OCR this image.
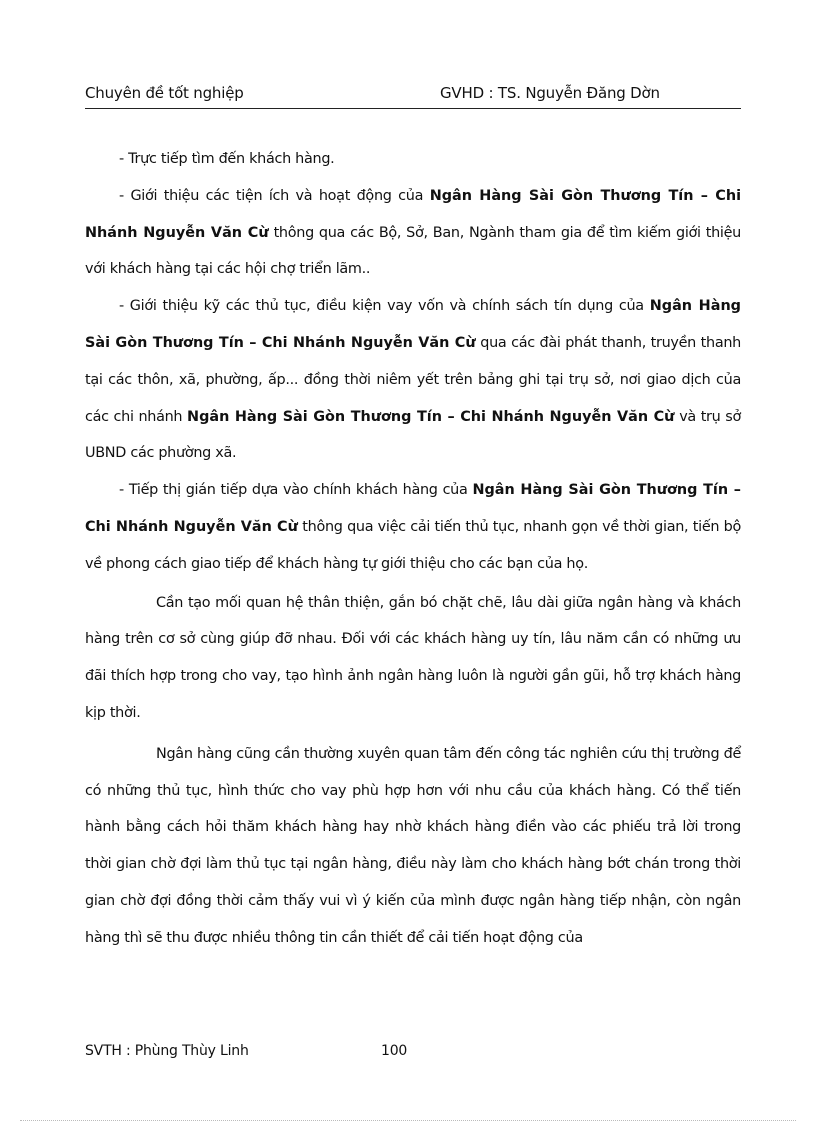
Chuyên đề tốt nghiệp	GVHD : TS. Nguyễn Đăng Dờn

- Trực tiếp tìm đến khách hàng.

- Giới thiệu các tiện ích và hoạt động của Ngân Hàng Sài Gòn Thương Tín – Chi Nhánh Nguyễn Văn Cừ thông qua các Bộ, Sở, Ban, Ngành tham gia để tìm kiếm giới thiệu với khách hàng tại các hội chợ triển lãm..

- Giới thiệu kỹ các thủ tục, điều kiện vay vốn và chính sách tín dụng của Ngân Hàng Sài Gòn Thương Tín – Chi Nhánh Nguyễn Văn Cừ qua các đài phát thanh, truyền thanh tại các thôn, xã, phường, ấp... đồng thời niêm yết trên bảng ghi tại trụ sở, nơi giao dịch của các chi nhánh Ngân Hàng Sài Gòn Thương Tín – Chi Nhánh Nguyễn Văn Cừ và trụ sở UBND các phường xã.

- Tiếp thị gián tiếp dựa vào chính khách hàng của Ngân Hàng Sài Gòn Thương Tín – Chi Nhánh Nguyễn Văn Cừ thông qua việc cải tiến thủ tục, nhanh gọn về thời gian, tiến bộ về phong cách giao tiếp để khách hàng tự giới thiệu cho các bạn của họ.

Cần tạo mối quan hệ thân thiện, gắn bó chặt chẽ, lâu dài giữa ngân hàng và khách hàng trên cơ sở cùng giúp đỡ nhau. Đối với các khách hàng uy tín, lâu năm cần có những ưu đãi thích hợp trong cho vay, tạo hình ảnh ngân hàng luôn là người gần gũi, hỗ trợ khách hàng kịp thời.

Ngân hàng cũng cần thường xuyên quan tâm đến công tác nghiên cứu thị trường để có những thủ tục, hình thức cho vay phù hợp hơn với nhu cầu của khách hàng. Có thể tiến hành bằng cách hỏi thăm khách hàng hay nhờ khách hàng điền vào các phiếu trả lời trong thời gian chờ đợi làm thủ tục tại ngân hàng, điều này làm cho khách hàng bớt chán trong thời gian chờ đợi đồng thời cảm thấy vui vì ý kiến của mình được ngân hàng tiếp nhận, còn ngân hàng thì sẽ thu được nhiều thông tin cần thiết để cải tiến hoạt động của

SVTH : Phùng Thùy Linh	100
